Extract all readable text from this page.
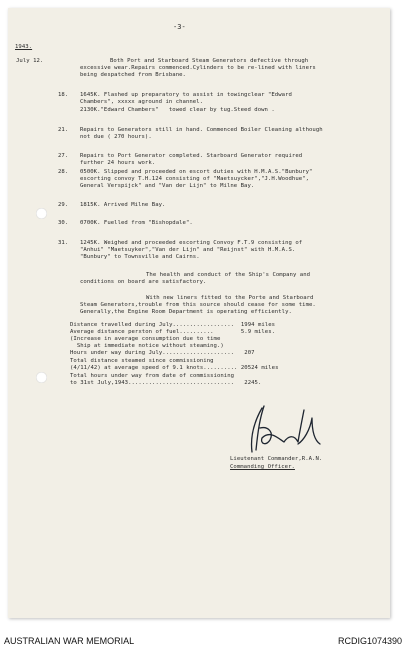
-3-
1943.
July 12.	Both Port and Starboard Steam Generators defective through
excessive wear.Repairs commenced.Cylinders to be re-lined with liners
being despatched from Brisbane.
18. 1645K. Flashed up preparatory to assist in towingclear "Edward
Chambers", xxxxx aground in channel.
2130K."Edward Chambers"   towed clear by tug.Steed down .
21. Repairs to Generators still in hand. Commenced Boiler Cleaning although
not due ( 270 hours).
27. Repairs to Port Generator completed. Starboard Generator required
further 24 hours work.
28. 0500K. Slipped and proceeded on escort duties with H.M.A.S."Bunbury"
escorting convoy T.H.124 consisting of "Maetsuycker","J.H.Woodhue",
General Verspijck" and "Van der Lijn" to Milne Bay.
29. 1815K. Arrived Milne Bay.
30. 0700K. Fuelled from "Bishopdale".
31. 1245K. Weighed and proceeded escorting Convoy F.T.9 consisting of
"Anhui" "Maetsuyker","Van der Lijn" and "Reijnst" with H.M.A.S.
"Bunbury" to Townsville and Cairns.
The health and conduct of the Ship's Company and
conditions on board are satisfactory.
With new liners fitted to the Porte and Starboard
Steam Generators,trouble from this source should cease for some time.
Generally,the Engine Room Department is operating efficiently.
Distance travelled during July..................  1994 miles
Average distance perxton of fuel..........        5.9 miles.
(Increase in average consumption due to time
Ship at immediate notice without steaming.)
Hours under way during July.....................   207
Total distance steamed since commissioning
(4/11/42) at average speed of 9.1 knots.......... 20524 miles
Total hours under way from date of commissioning
to 31st July,1943...............................   2245.
Lieutenant Commander,R.A.N.
Commanding Officer.
AUSTRALIAN WAR MEMORIAL	RCDIG1074390
